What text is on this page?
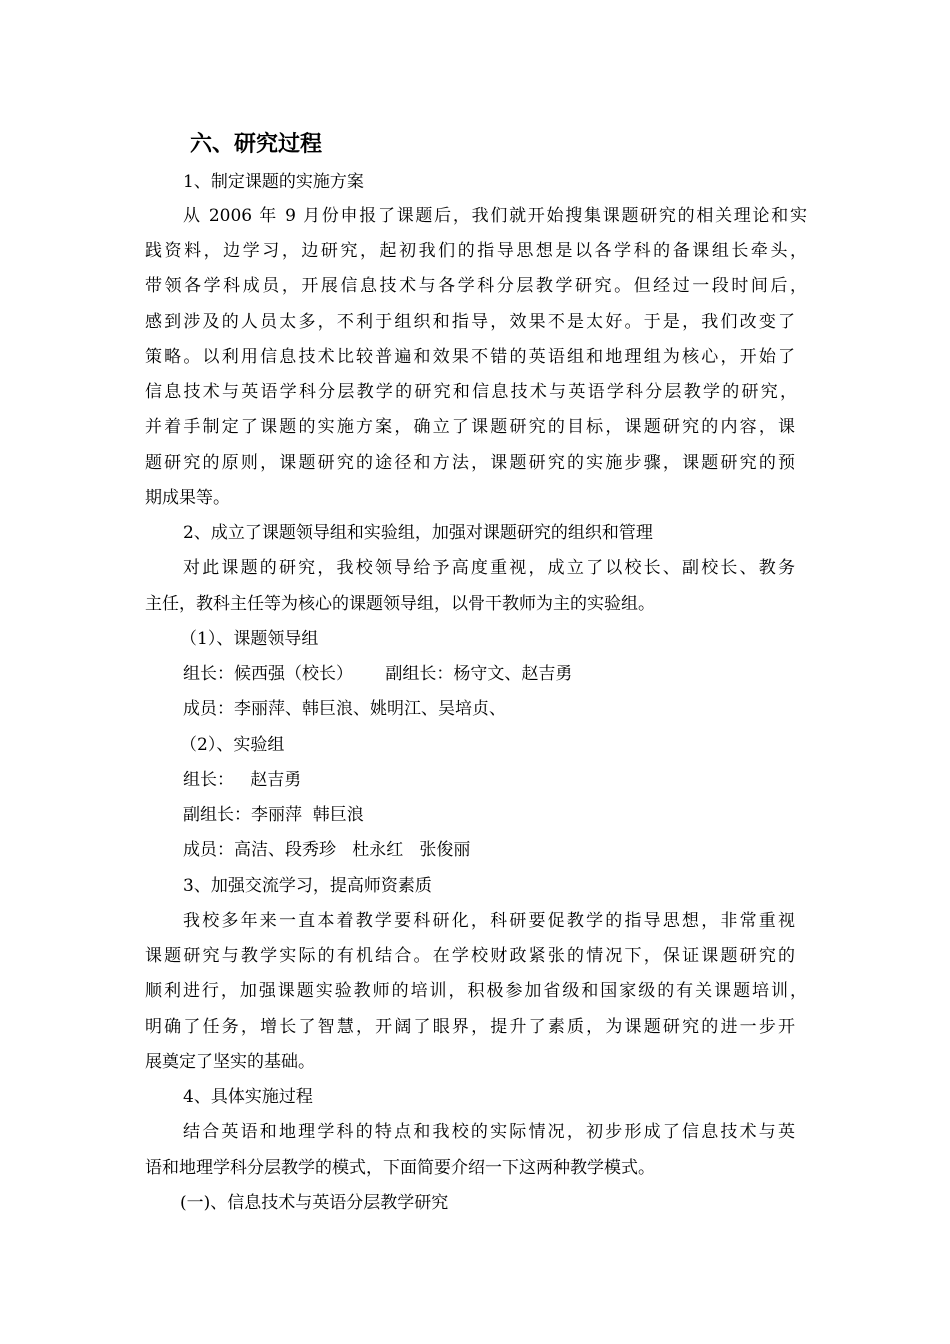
六、研究过程
1、制定课题的实施方案
从 2006 年 9 月份申报了课题后，我们就开始搜集课题研究的相关理论和实
践资料，边学习，边研究，起初我们的指导思想是以各学科的备课组长牵头，
带领各学科成员，开展信息技术与各学科分层教学研究。但经过一段时间后，
感到涉及的人员太多，不利于组织和指导，效果不是太好。于是，我们改变了
策略。以利用信息技术比较普遍和效果不错的英语组和地理组为核心，开始了
信息技术与英语学科分层教学的研究和信息技术与英语学科分层教学的研究，
并着手制定了课题的实施方案，确立了课题研究的目标，课题研究的内容，课
题研究的原则，课题研究的途径和方法，课题研究的实施步骤，课题研究的预
期成果等。
2、成立了课题领导组和实验组，加强对课题研究的组织和管理
对此课题的研究，我校领导给予高度重视，成立了以校长、副校长、教务
主任，教科主任等为核心的课题领导组，以骨干教师为主的实验组。
（1）、课题领导组
组长：候西强（校长）      副组长：杨守文、赵吉勇
成员：李丽萍、韩巨浪、姚明江、吴培贞、
（2）、实验组
组长：   赵吉勇
副组长：李丽萍  韩巨浪
成员：高洁、段秀珍   杜永红   张俊丽
3、加强交流学习，提高师资素质
我校多年来一直本着教学要科研化，科研要促教学的指导思想，非常重视
课题研究与教学实际的有机结合。在学校财政紧张的情况下，保证课题研究的
顺利进行，加强课题实验教师的培训，积极参加省级和国家级的有关课题培训，
明确了任务，增长了智慧，开阔了眼界，提升了素质，为课题研究的进一步开
展奠定了坚实的基础。
4、具体实施过程
结合英语和地理学科的特点和我校的实际情况，初步形成了信息技术与英
语和地理学科分层教学的模式，下面简要介绍一下这两种教学模式。
(一)、信息技术与英语分层教学研究
